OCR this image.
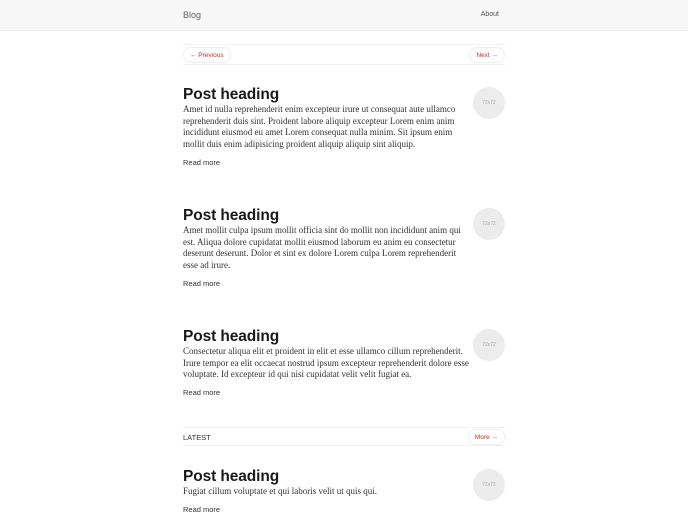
Blog	About
← Previous	Next →
72x72
Post heading

Amet id nulla reprehenderit enim excepteur irure ut consequat aute ullamco reprehenderit duis sint. Proident labore aliquip excepteur Lorem enim anim incididunt eiusmod eu amet Lorem consequat nulla minim. Sit ipsum enim mollit duis enim adipisicing proident aliquip aliquip sint aliquip.

Read more
72x72
Post heading

Amet mollit culpa ipsum mollit officia sint do mollit non incididunt anim qui est. Aliqua dolore cupidatat mollit eiusmod laborum eu anim eu consectetur deserunt deserunt. Dolor et sint ex dolore Lorem culpa Lorem reprehenderit esse ad irure.

Read more
72x72
Post heading

Consectetur aliqua elit et proident in elit et esse ullamco cillum reprehenderit. Irure tempor ea elit occaecat nostrud ipsum excepteur reprehenderit dolore esse voluptate. Id excepteur id qui nisi cupidatat velit velit fugiat ea.

Read more
LATEST	More →
72x72
Post heading

Fugiat cillum voluptate et qui laboris velit ut quis qui.

Read more
